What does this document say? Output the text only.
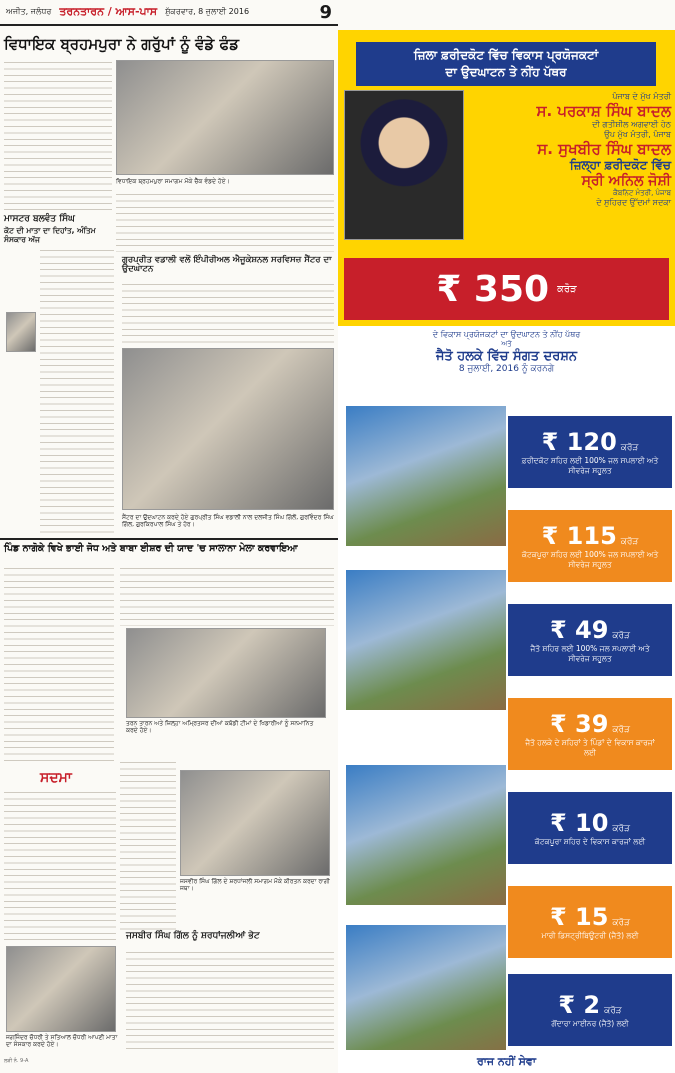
ਅਜੀਤ, ਜਲੰਧਰ ਤਰਨਤਾਰਨ / ਆਸ-ਪਾਸ ਸ਼ੁੱਕਰਵਾਰ, 8 ਜੁਲਾਈ 2016	9
ਵਿਧਾਇਕ ਬ੍ਰਹਮਪੁਰਾ ਨੇ ਗਰੁੱਪਾਂ ਨੂੰ ਵੰਡੇ ਫੰਡ
ਵਿਧਾਇਕ ਬ੍ਰਹਮਪੁਰਾ ਸਮਾਗਮ ਮੌਕੇ ਚੈੱਕ ਵੰਡਦੇ ਹੋਏ।
ਮਾਸਟਰ ਬਲਵੰਤ ਸਿੰਘ
ਕੋਟ ਦੀ ਮਾਤਾ ਦਾ ਦਿਹਾਂਤ, ਅੰਤਿਮ ਸੰਸਕਾਰ ਅੱਜ
ਗੁਰਪ੍ਰੀਤ ਵਡਾਲੀ ਵਲੋਂ ਇੰਪੀਰੀਅਲ ਐਜੂਕੇਸ਼ਨਲ ਸਰਵਿਸਜ਼ ਸੈਂਟਰ ਦਾ ਉਦਘਾਟਨ
ਸੈਂਟਰ ਦਾ ਉਦਘਾਟਨ ਕਰਦੇ ਹੋਏ ਗੁਰਪ੍ਰੀਤ ਸਿੰਘ ਵਡਾਲੀ ਨਾਲ ਦਲਜੀਤ ਸਿੰਘ ਗਿੱਲੋਂ, ਗੁਰਵਿੰਦਰ ਸਿੰਘ ਗਿੱਲ, ਗੁਰਕਿਰਪਾਲ ਸਿੰਘ ਤੇ ਹੋਰ।
ਪਿੰਡ ਨਾਗੋਕੇ ਵਿਖੇ ਭਾਈ ਜੋਧ ਅਤੇ ਬਾਬਾ ਈਸ਼ਰ ਦੀ ਯਾਦ 'ਚ ਸਾਲਾਨਾ ਮੇਲਾ ਕਰਵਾਇਆ
ਤਰਨ ਤਾਰਨ ਅਤੇ ਜ਼ਿਲ੍ਹਾ ਅਮ੍ਰਿਤਸਰ ਦੀਆਂ ਕਬੱਡੀ ਟੀਮਾਂ ਦੇ ਖਿਡਾਰੀਆਂ ਨੂੰ ਸਨਮਾਨਿਤ ਕਰਦੇ ਹੋਏ।
ਸਦਮਾ
ਜਸਵੀਰ ਸਿੰਘ ਗਿੱਲ ਦੇ ਸ਼ਰਧਾਂਜਲੀ ਸਮਾਗਮ ਮੌਕੇ ਕੀਰਤਨ ਕਰਦਾ ਰਾਗੀ ਜਥਾ।
ਜਸਬੀਰ ਸਿੰਘ ਗਿੱਲ ਨੂੰ ਸ਼ਰਧਾਂਜਲੀਆਂ ਭੇਟ
ਜਗਜਿੰਦਰ ਚੌਧਰੀ ਤੇ ਸਤਿਆਲ ਚੌਧਰੀ ਆਪਣੀ ਮਾਤਾ ਦਾ ਸੰਸਕਾਰ ਕਰਦੇ ਹੋਏ।
ਲੜੀ ਨੰ. 9-A
ਜ਼ਿਲਾ ਫ਼ਰੀਦਕੋਟ ਵਿੱਚ ਵਿਕਾਸ ਪ੍ਰਯੋਜਕਟਾਂ
ਦਾ ਉਦਘਾਟਨ ਤੇ ਨੀਂਹ ਪੱਥਰ
ਪੰਜਾਬ ਦੇ ਮੁੱਖ ਮੰਤਰੀ
ਸ. ਪਰਕਾਸ਼ ਸਿੰਘ ਬਾਦਲ
ਦੀ ਗਤੀਸ਼ੀਲ ਅਗਵਾਈ ਹੇਠ
ਉਪ ਮੁੱਖ ਮੰਤਰੀ, ਪੰਜਾਬ
ਸ. ਸੁਖਬੀਰ ਸਿੰਘ ਬਾਦਲ
ਜ਼ਿਲ੍ਹਾ ਫ਼ਰੀਦਕੋਟ ਵਿੱਚ
ਸ੍ਰੀ ਅਨਿਲ ਜੋਸ਼ੀ
ਕੈਬਨਿਟ ਮੰਤਰੀ, ਪੰਜਾਬ
ਦੇ ਸੁਹਿਰਦ ਉੱਦਮਾਂ ਸਦਕਾ
₹ 350 ਕਰੋੜ
ਦੇ ਵਿਕਾਸ ਪ੍ਰਯੋਜਕਟਾਂ ਦਾ ਉਦਘਾਟਨ ਤੇ ਨੀਂਹ ਪੱਥਰ
ਅਤੇ
ਜੈਤੋ ਹਲਕੇ ਵਿੱਚ ਸੰਗਤ ਦਰਸ਼ਨ
8 ਜੁਲਾਈ, 2016 ਨੂੰ ਕਰਨਗੇ
₹ 120 ਕਰੋੜ
ਫ਼ਰੀਦਕੋਟ ਸ਼ਹਿਰ ਲਈ 100% ਜਲ ਸਪਲਾਈ ਅਤੇ ਸੀਵਰੇਜ ਸਹੂਲਤ
₹ 115 ਕਰੋੜ
ਕੋਟਕਪੂਰਾ ਸ਼ਹਿਰ ਲਈ 100% ਜਲ ਸਪਲਾਈ ਅਤੇ ਸੀਵਰੇਜ ਸਹੂਲਤ
₹ 49 ਕਰੋੜ
ਜੈਤੋ ਸ਼ਹਿਰ ਲਈ 100% ਜਲ ਸਪਲਾਈ ਅਤੇ ਸੀਵਰੇਜ ਸਹੂਲਤ
₹ 39 ਕਰੋੜ
ਜੈਤੋ ਹਲਕੇ ਦੇ ਸ਼ਹਿਰਾਂ ਤੇ ਪਿੰਡਾਂ ਦੇ ਵਿਕਾਸ ਕਾਰਜਾਂ ਲਈ
₹ 10 ਕਰੋੜ
ਕੋਟਕਪੂਰਾ ਸ਼ਹਿਰ ਦੇ ਵਿਕਾਸ ਕਾਰਜਾਂ ਲਈ
₹ 15 ਕਰੋੜ
ਮਾਰੀ ਡਿਸਟ੍ਰੀਬਿਊਟਰੀ (ਜੈਤੋ) ਲਈ
₹ 2 ਕਰੋੜ
ਗੋਂਦਾਰਾ ਮਾਈਨਰ (ਜੈਤੋ) ਲਈ
ਰਾਜ ਨਹੀਂ ਸੇਵਾ
